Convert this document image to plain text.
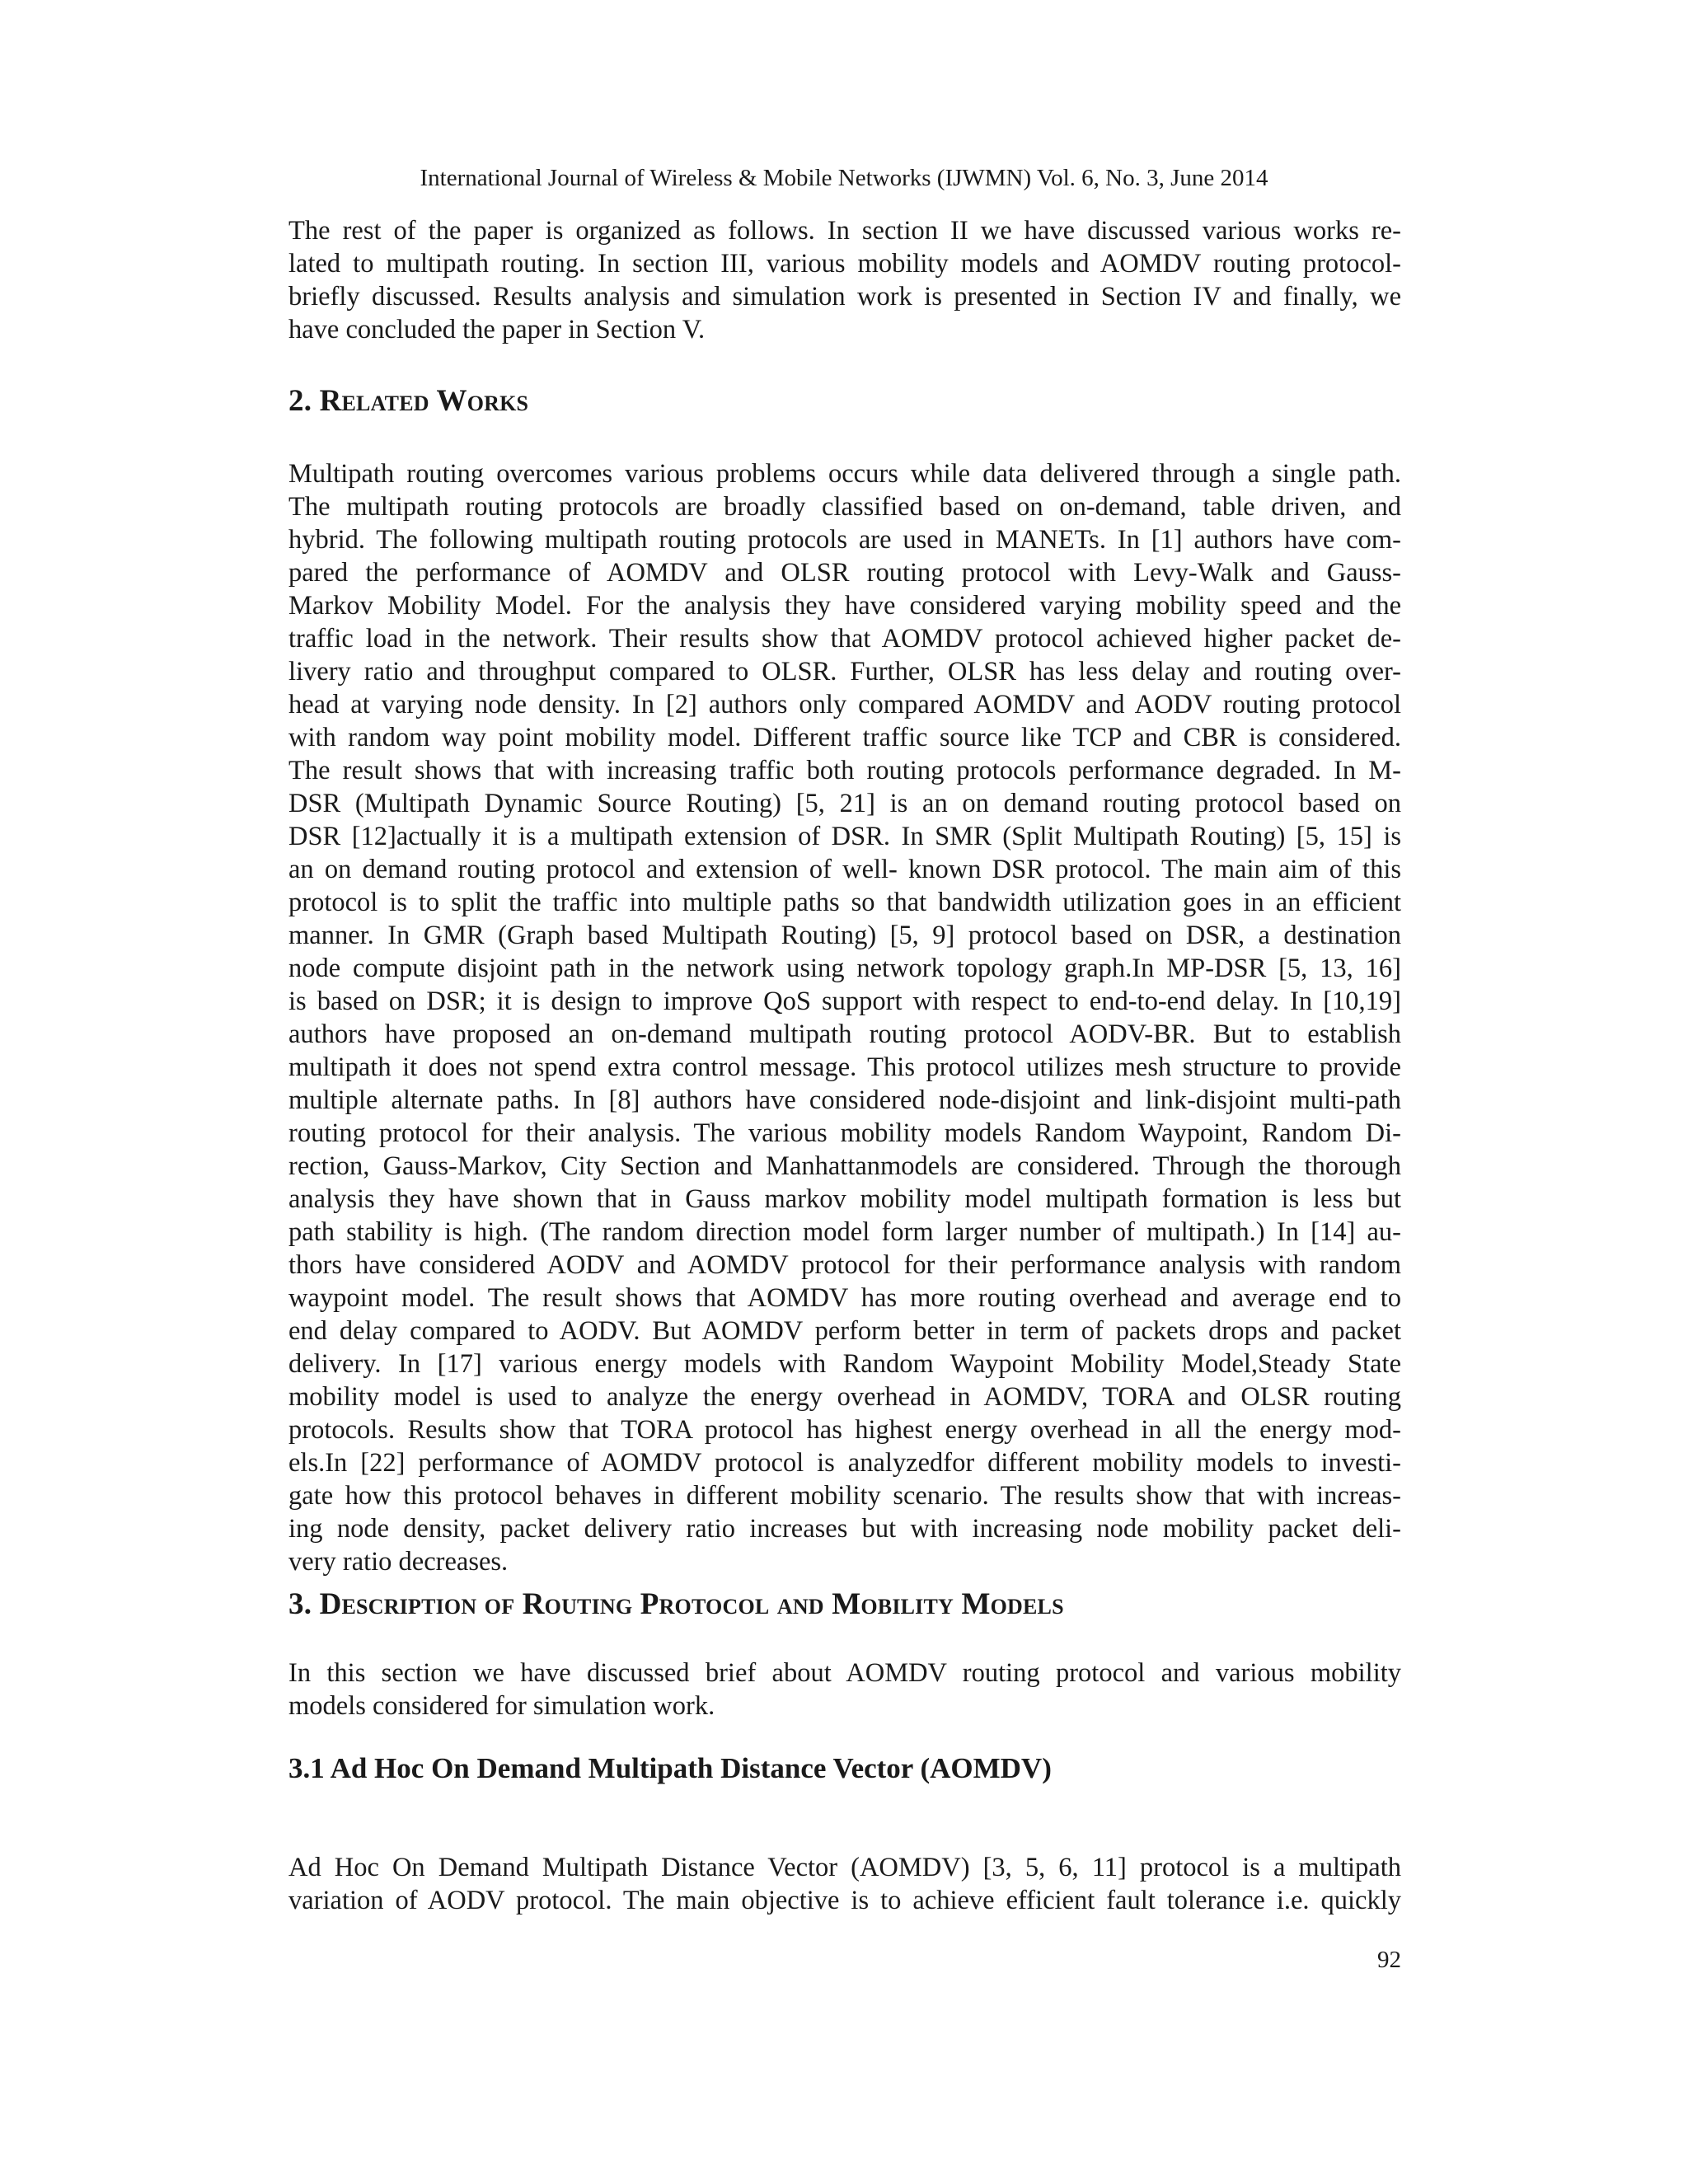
International Journal of Wireless & Mobile Networks (IJWMN) Vol. 6, No. 3, June 2014

The rest of the paper is organized as follows. In section II we have discussed various works re-
lated to multipath routing. In section III, various mobility models and AOMDV routing protocol-
briefly discussed. Results analysis and simulation work is presented in Section IV and finally, we
have concluded the paper in Section V.

2. Related Works

Multipath routing overcomes various problems occurs while data delivered through a single path.
The multipath routing protocols are broadly classified based on on-demand, table driven, and
hybrid. The following multipath routing protocols are used in MANETs. In [1] authors have com-
pared the performance of AOMDV and OLSR routing protocol with Levy-Walk and Gauss-
Markov Mobility Model. For the analysis they have considered varying mobility speed and the
traffic load in the network. Their results show that AOMDV protocol achieved higher packet de-
livery ratio and throughput compared to OLSR. Further, OLSR has less delay and routing over-
head at varying node density. In [2] authors only compared AOMDV and AODV routing protocol
with random way point mobility model. Different traffic source like TCP and CBR is considered.
The result shows that with increasing traffic both routing protocols performance degraded. In M-
DSR (Multipath Dynamic Source Routing) [5, 21] is an on demand routing protocol based on
DSR [12]actually it is a multipath extension of DSR. In SMR (Split Multipath Routing) [5, 15] is
an on demand routing protocol and extension of well- known DSR protocol. The main aim of this
protocol is to split the traffic into multiple paths so that bandwidth utilization goes in an efficient
manner. In GMR (Graph based Multipath Routing) [5, 9] protocol based on DSR, a destination
node compute disjoint path in the network using network topology graph.In MP-DSR [5, 13, 16]
is based on DSR; it is design to improve QoS support with respect to end-to-end delay. In [10,19]
authors have proposed an on-demand multipath routing protocol AODV-BR. But to establish
multipath it does not spend extra control message. This protocol utilizes mesh structure to provide
multiple alternate paths. In [8] authors have considered node-disjoint and link-disjoint multi-path
routing protocol for their analysis. The various mobility models Random Waypoint, Random Di-
rection, Gauss-Markov, City Section and Manhattanmodels are considered. Through the thorough
analysis they have shown that in Gauss markov mobility model multipath formation is less but
path stability is high. (The random direction model form larger number of multipath.) In [14] au-
thors have considered AODV and AOMDV protocol for their performance analysis with random
waypoint model. The result shows that AOMDV has more routing overhead and average end to
end delay compared to AODV. But AOMDV perform better in term of packets drops and packet
delivery. In [17] various energy models with Random Waypoint Mobility Model,Steady State
mobility model is used to analyze the energy overhead in AOMDV, TORA and OLSR routing
protocols. Results show that TORA protocol has highest energy overhead in all the energy mod-
els.In [22] performance of AOMDV protocol is analyzedfor different mobility models to investi-
gate how this protocol behaves in different mobility scenario. The results show that with increas-
ing node density, packet delivery ratio increases but with increasing node mobility packet deli-
very ratio decreases.

3. Description of Routing Protocol and Mobility Models

In this section we have discussed brief about AOMDV routing protocol and various mobility
models considered for simulation work.

3.1 Ad Hoc On Demand Multipath Distance Vector (AOMDV)

Ad Hoc On Demand Multipath Distance Vector (AOMDV) [3, 5, 6, 11] protocol is a multipath
variation of AODV protocol. The main objective is to achieve efficient fault tolerance i.e. quickly

92
